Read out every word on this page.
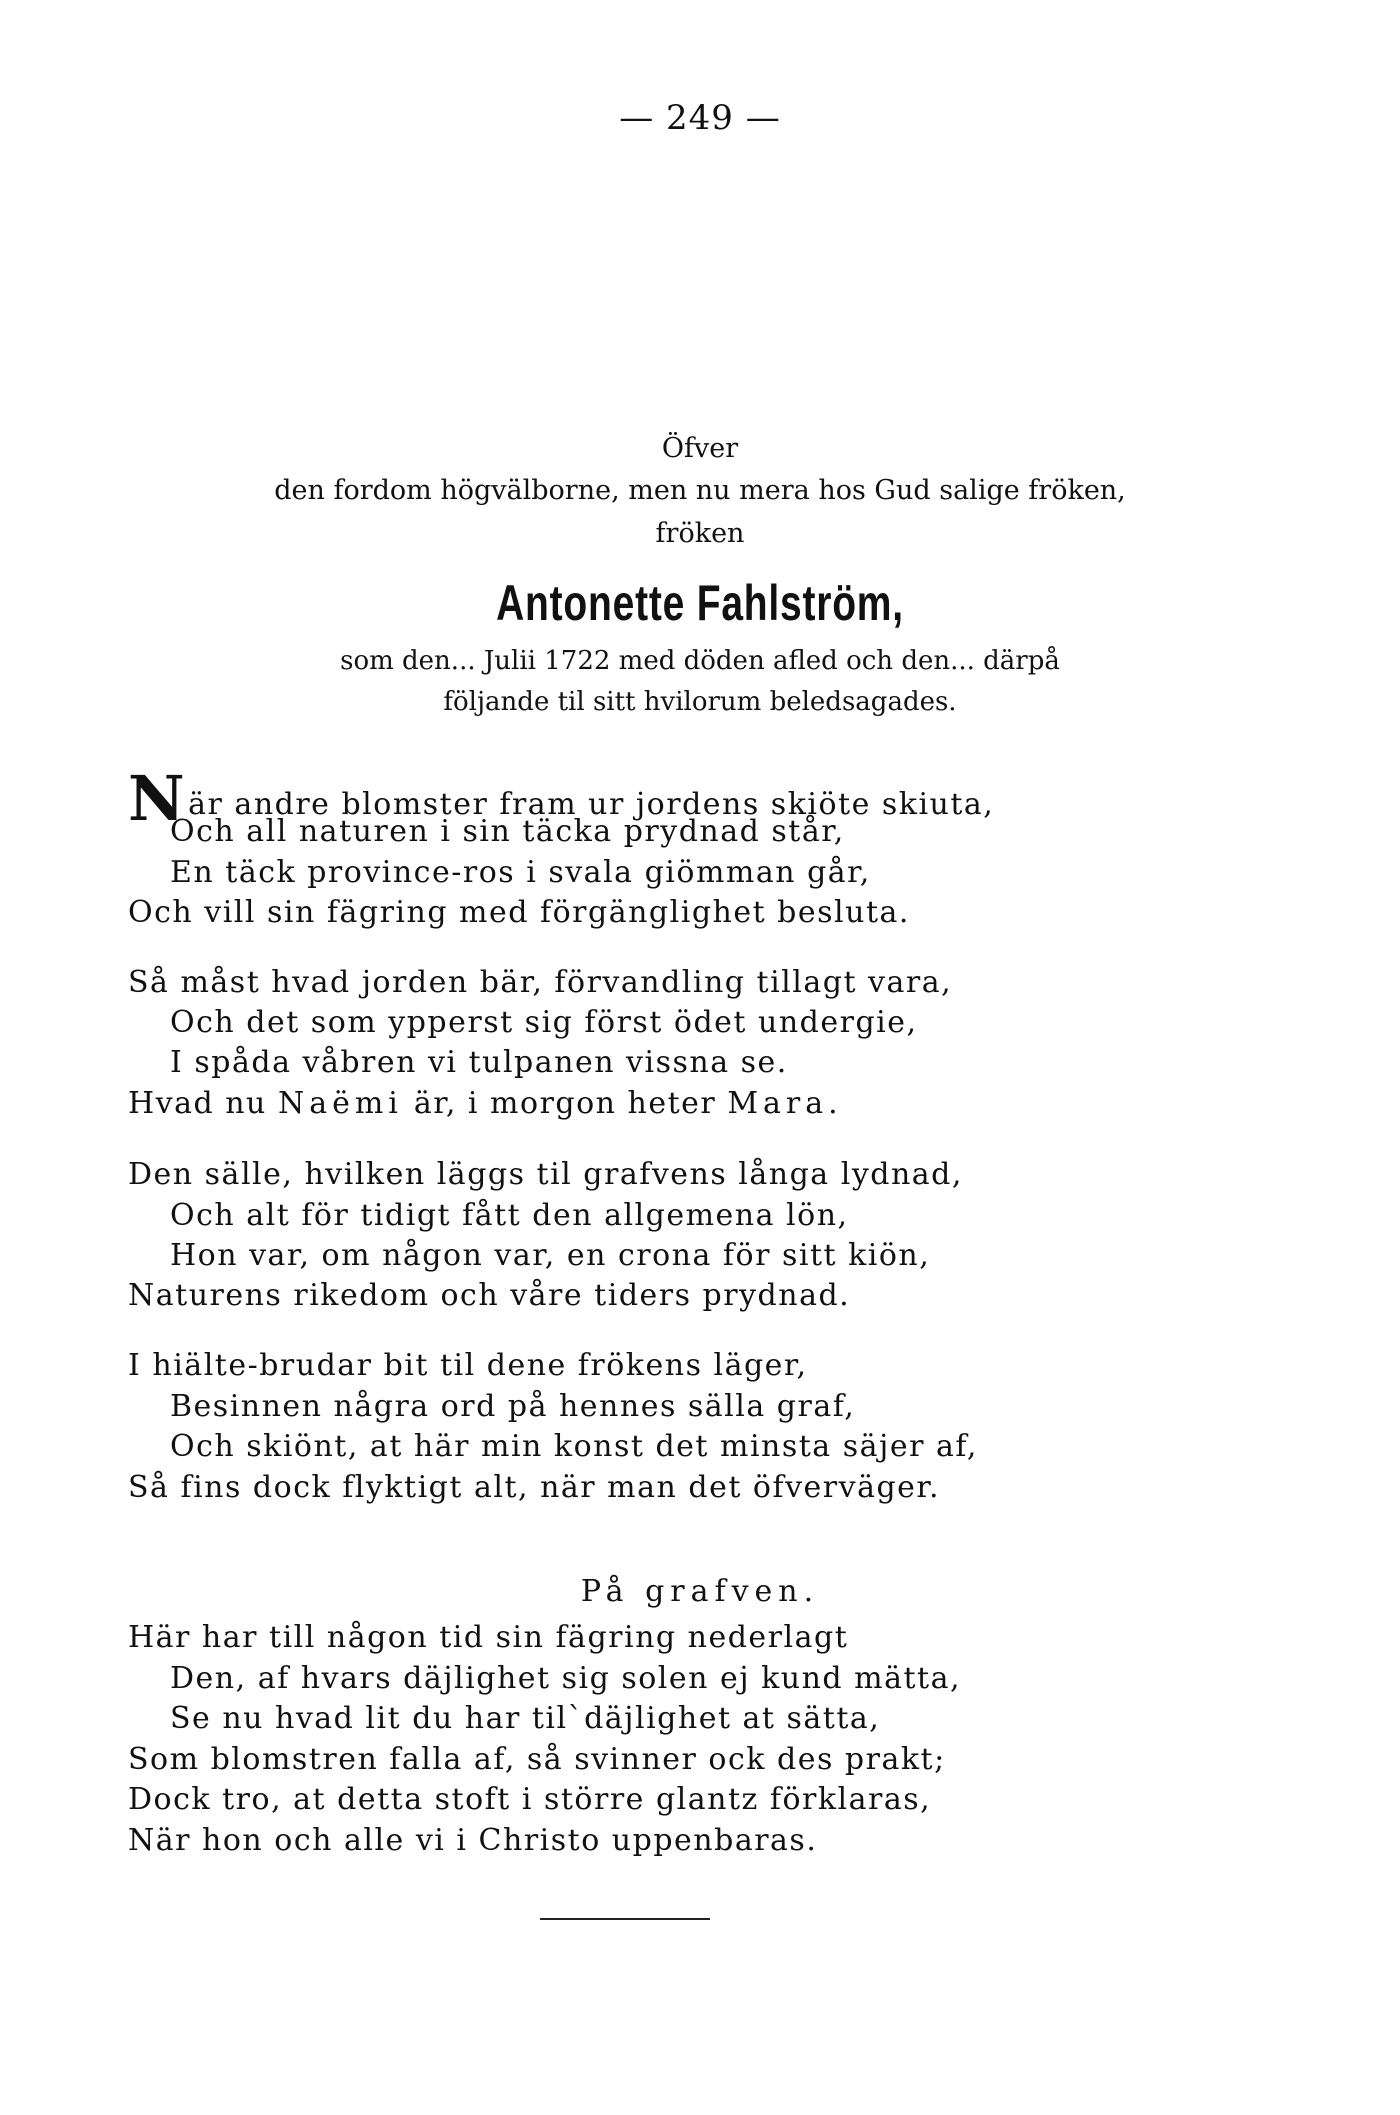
— 249 —
Öfver
den fordom högvälborne, men nu mera hos Gud salige fröken,
fröken
Antonette Fahlström,
som den... Julii 1722 med döden afled och den... därpå
följande til sitt hvilorum beledsagades.
När andre blomster fram ur jordens skiöte skiuta,
Och all naturen i sin täcka prydnad står,
En täck province-ros i svala giömman går,
Och vill sin fägring med förgänglighet besluta.
Så måst hvad jorden bär, förvandling tillagt vara,
Och det som ypperst sig först ödet undergie,
I spåda våbren vi tulpanen vissna se.
Hvad nu Naëmi är, i morgon heter Mara.
Den sälle, hvilken läggs til grafvens långa lydnad,
Och alt för tidigt fått den allgemena lön,
Hon var, om någon var, en crona för sitt kiön,
Naturens rikedom och våre tiders prydnad.
I hiälte-brudar bit til dene frökens läger,
Besinnen några ord på hennes sälla graf,
Och skiönt, at här min konst det minsta säjer af,
Så fins dock flyktigt alt, när man det öfverväger.
På grafven.
Här har till någon tid sin fägring nederlagt
Den, af hvars däjlighet sig solen ej kund mätta,
Se nu hvad lit du har til`däjlighet at sätta,
Som blomstren falla af, så svinner ock des prakt;
Dock tro, at detta stoft i större glantz förklaras,
När hon och alle vi i Christo uppenbaras.
